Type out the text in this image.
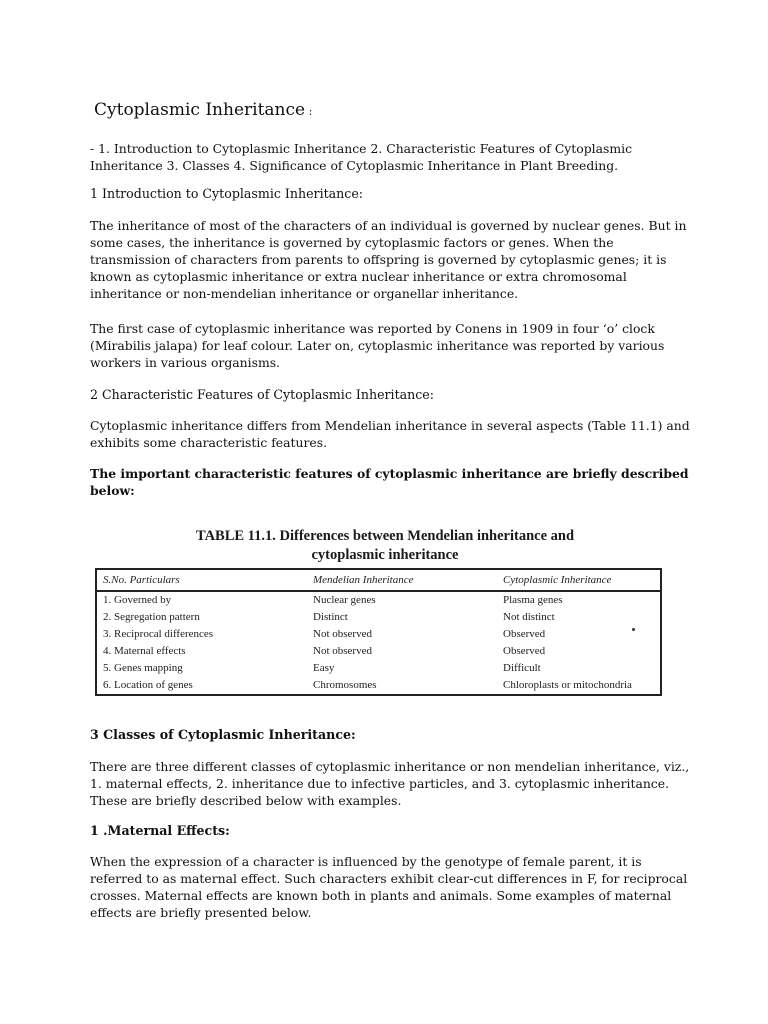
Cytoplasmic Inheritance :

- 1. Introduction to Cytoplasmic Inheritance 2. Characteristic Features of Cytoplasmic Inheritance 3. Classes 4. Significance of Cytoplasmic Inheritance in Plant Breeding.

1 Introduction to Cytoplasmic Inheritance:

The inheritance of most of the characters of an individual is governed by nuclear genes. But in some cases, the inheritance is governed by cytoplasmic factors or genes. When the transmission of characters from parents to offspring is governed by cytoplasmic genes; it is known as cytoplasmic inheritance or extra nuclear inheritance or extra chromosomal inheritance or non-mendelian inheritance or organellar inheritance.

The first case of cytoplasmic inheritance was reported by Conens in 1909 in four ‘o’ clock (Mirabilis jalapa) for leaf colour. Later on, cytoplasmic inheritance was reported by various workers in various organisms.

2 Characteristic Features of Cytoplasmic Inheritance:

Cytoplasmic inheritance differs from Mendelian inheritance in several aspects (Table 11.1) and exhibits some characteristic features.

The important characteristic features of cytoplasmic inheritance are briefly described below:

TABLE 11.1. Differences between Mendelian inheritance and
cytoplasmic inheritance
S.No. Particulars	Mendelian Inheritance	Cytoplasmic Inheritance
1. Governed by	Nuclear genes	Plasma genes
2. Segregation pattern	Distinct	Not distinct
3. Reciprocal differences	Not observed	Observed
4. Maternal effects	Not observed	Observed
5. Genes mapping	Easy	Difficult
6. Location of genes	Chromosomes	Chloroplasts or mitochondria

3 Classes of Cytoplasmic Inheritance:

There are three different classes of cytoplasmic inheritance or non mendelian inheritance, viz., 1. maternal effects, 2. inheritance due to infective particles, and 3. cytoplasmic inheritance. These are briefly described below with examples.

1 .Maternal Effects:

When the expression of a character is influenced by the genotype of female parent, it is referred to as maternal effect. Such characters exhibit clear-cut differences in F, for reciprocal crosses. Maternal effects are known both in plants and animals. Some examples of maternal effects are briefly presented below.
